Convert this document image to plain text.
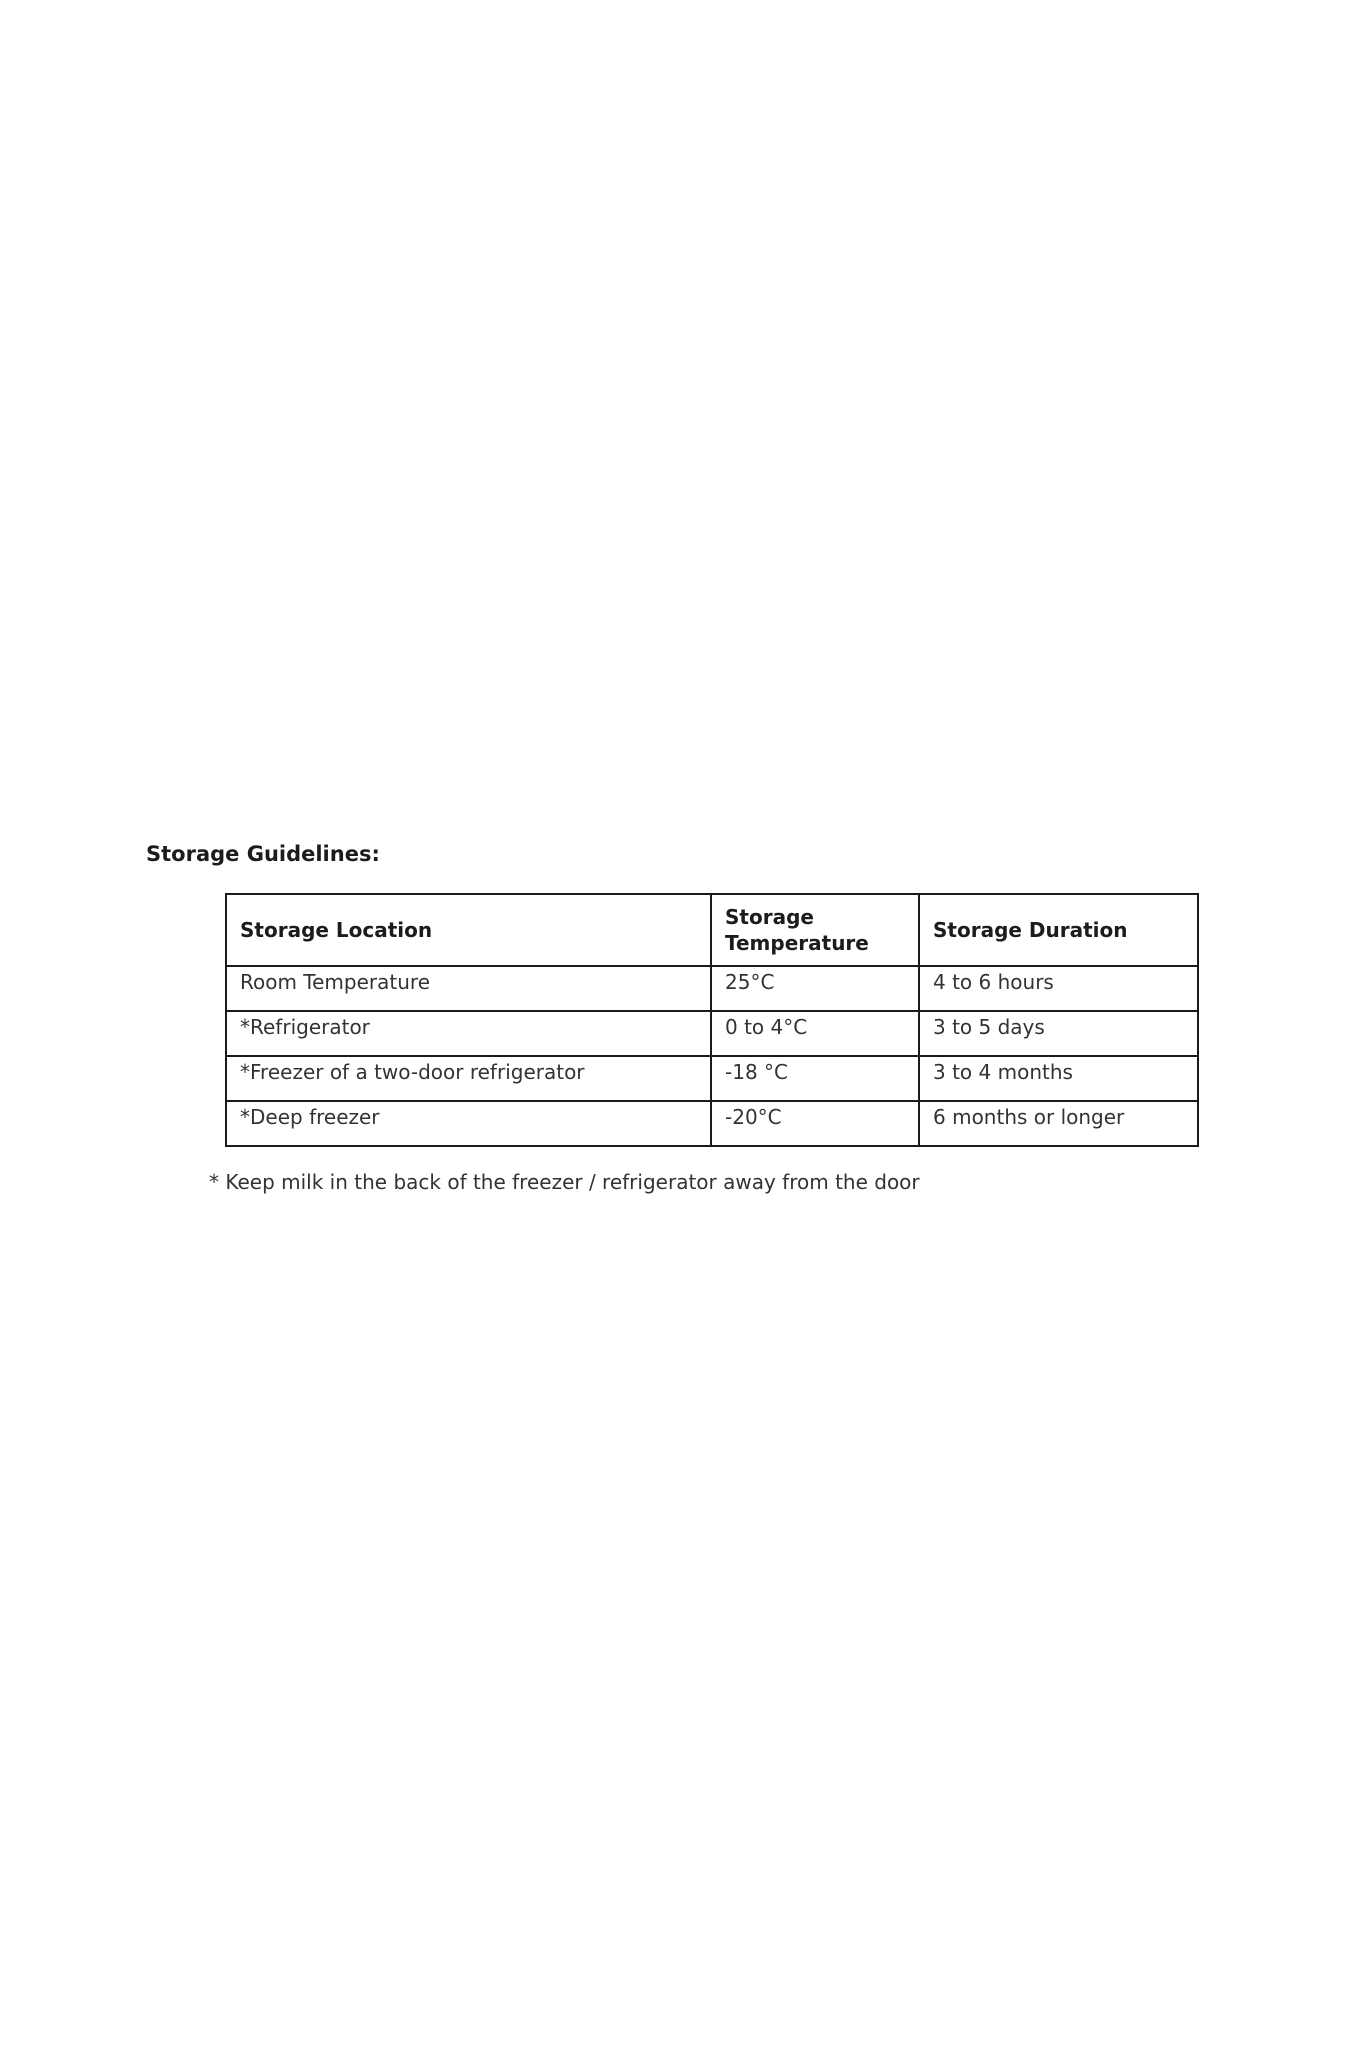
Storage Guidelines:

Storage Location	Storage Temperature	Storage Duration
Room Temperature	25°C	4 to 6 hours
*Refrigerator	0 to 4°C	3 to 5 days
*Freezer of a two-door refrigerator	-18 °C	3 to 4 months
*Deep freezer	-20°C	6 months or longer

* Keep milk in the back of the freezer / refrigerator away from the door
